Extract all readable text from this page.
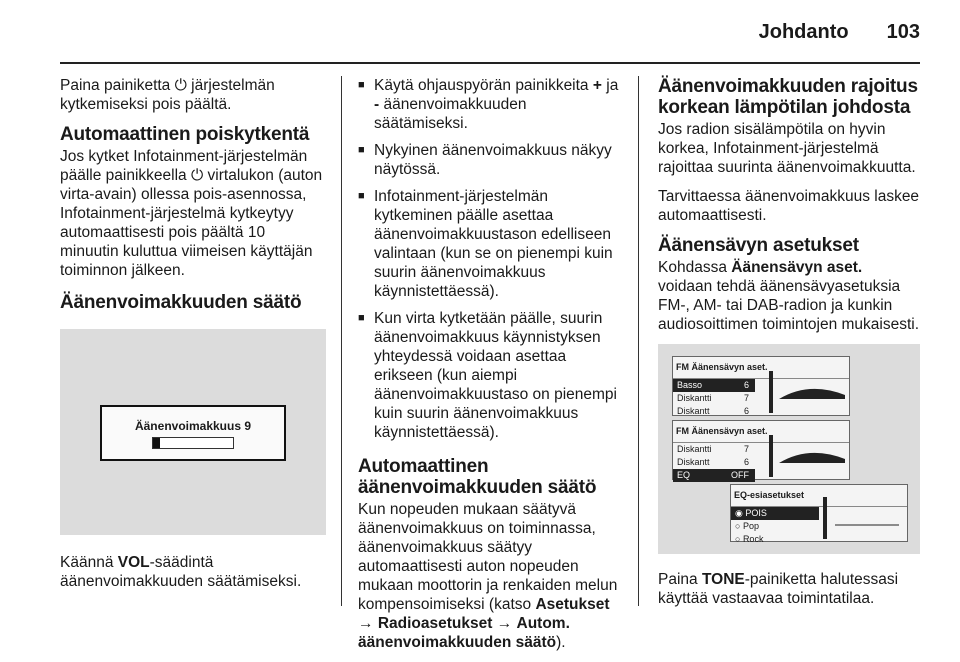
Johdanto 103

Paina painiketta ⏻ järjestelmän kytkemiseksi pois päältä.

Automaattinen poiskytkentä

Jos kytket Infotainment-järjestelmän päälle painikkeella ⏻ virtalukon (auton virta-avain) ollessa pois-asennossa, Infotainment-järjestelmä kytkeytyy automaattisesti pois päältä 10 minuutin kuluttua viimeisen käyttäjän toiminnon jälkeen.

Äänenvoimakkuuden säätö
Äänenvoimakkuus 9

Käännä VOL-säädintä äänenvoimakkuuden säätämiseksi.

■ Käytä ohjauspyörän painikkeita + ja - äänenvoimakkuuden säätämiseksi.
■ Nykyinen äänenvoimakkuus näkyy näytössä.
■ Infotainment-järjestelmän kytkeminen päälle asettaa äänenvoimakkuustason edelliseen valintaan (kun se on pienempi kuin suurin äänenvoimakkuus käynnistettäessä).
■ Kun virta kytketään päälle, suurin äänenvoimakkuus käynnistyksen yhteydessä voidaan asettaa erikseen (kun aiempi äänenvoimakkuustaso on pienempi kuin suurin äänenvoimakkuus käynnistettäessä).
Automaattinen äänenvoimakkuuden säätö

Kun nopeuden mukaan säätyvä äänenvoimakkuus on toiminnassa, äänenvoimakkuus säätyy automaattisesti auton nopeuden mukaan moottorin ja renkaiden melun kompensoimiseksi (katso Asetukset → Radioasetukset → Autom. äänenvoimakkuuden säätö).

Äänenvoimakkuuden rajoitus korkean lämpötilan johdosta

Jos radion sisälämpötila on hyvin korkea, Infotainment-järjestelmä rajoittaa suurinta äänenvoimakkuutta.

Tarvittaessa äänenvoimakkuus laskee automaattisesti.

Äänensävyn asetukset

Kohdassa Äänensävyn aset. voidaan tehdä äänensävyasetuksia FM-, AM- tai DAB-radion ja kunkin audiosoittimen toimintojen mukaisesti.

FM Äänensävyn aset.
Basso	6
Diskantti	7
Diskantt	6
FM Äänensävyn aset.
Diskantti	7
Diskantt	6
EQ	OFF
EQ-esiasetukset
◉ POIS
○ Pop
○ Rock

Paina TONE-painiketta halutessasi käyttää vastaavaa toimintatilaa.
